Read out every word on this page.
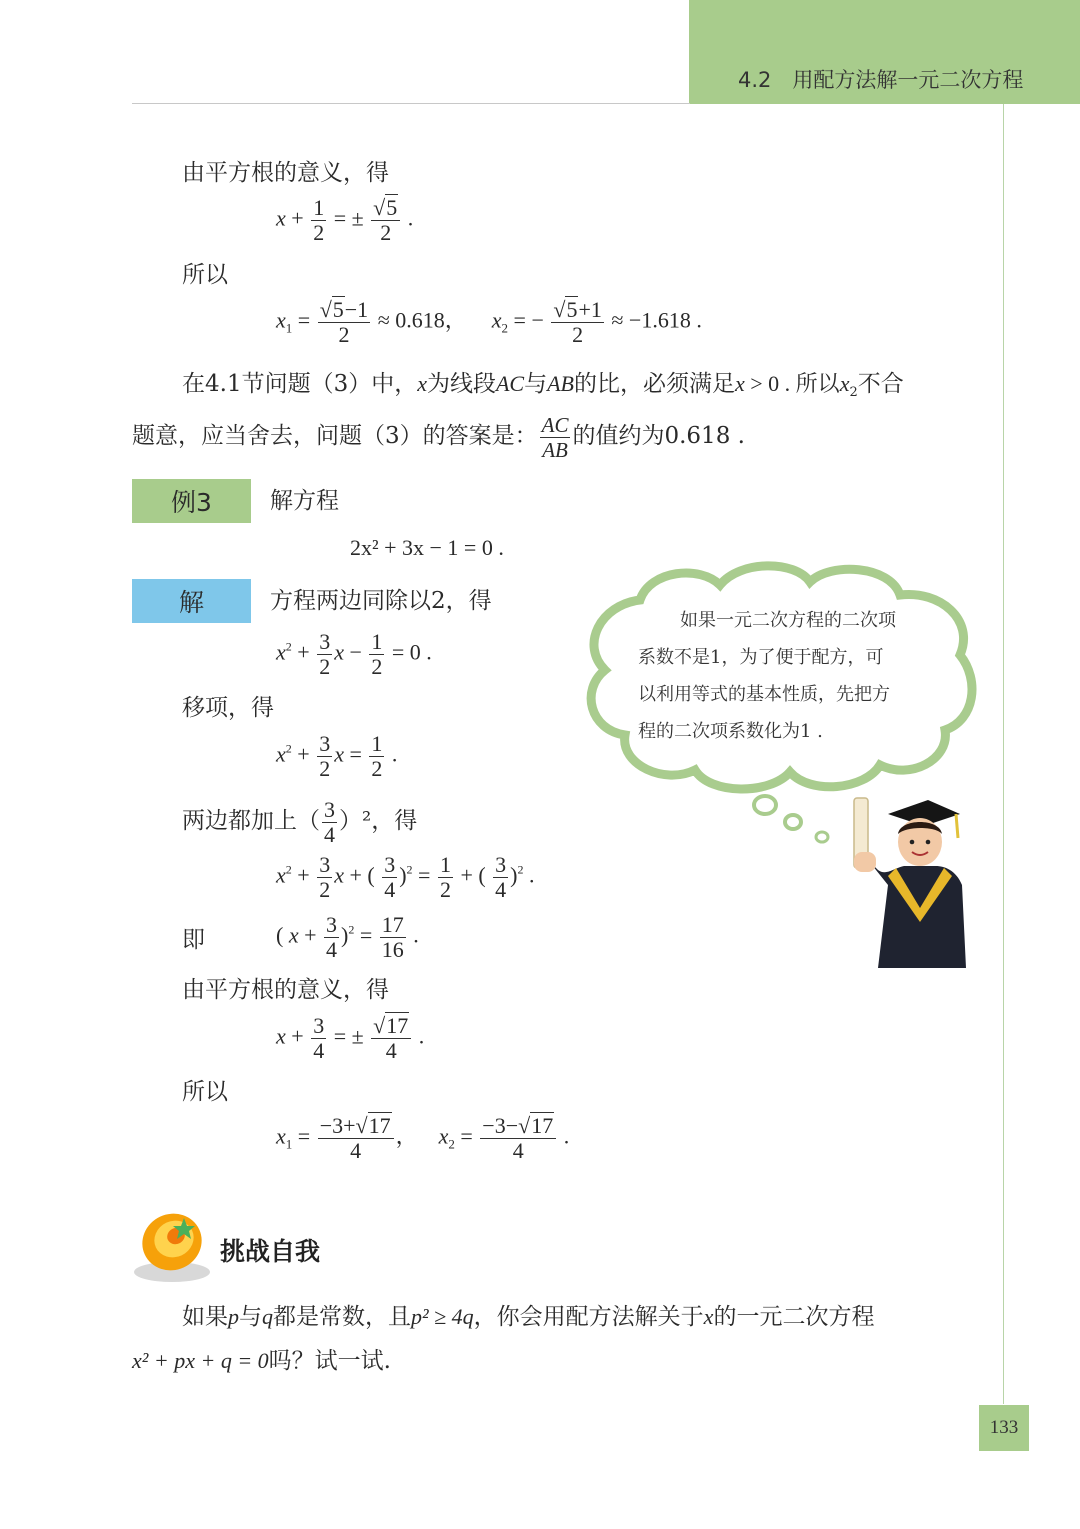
4.2　用配方法解一元二次方程
由平方根的意义，得
$x + \frac{1}{2}$ = ± $\frac{√5}{2}$ .
所以
$x_1 = \frac{√5-1}{2} \approx 0.618$， $x_2$ = − $\frac{√5+1}{2} \approx -1.618$ .
在4.1节问题（3）中，x为线段AC与AB的比，必须满足x > 0 . 所以$x_2$不合
题意，应当舍去，问题（3）的答案是： $\frac{AC}{AB}$ 的值约为0.618 .
例3	解方程
2x² + 3x − 1 = 0 .
解	方程两边同除以2，得
$x^2 + \frac{3}{2}$ $x - \frac{1}{2} = 0$ .
移项，得
$x^2 + \frac{3}{2}$ $x = \frac{1}{2}$ .
两边都加上（ $\frac{3}{4} )^2$，得
$x^2 + \frac{3}{2}$ x + ( $\frac{3}{4} )^2 = \frac{1}{2}$ + ( $\frac{3}{4} )^2$ .
即	( $x + \frac{3}{4} )^2 = \frac{17}{16}$ .
由平方根的意义，得
$x + \frac{3}{4}$ = ± $\frac{√17}{4}$ .
所以
$x_1 = \frac{-3+√17}{4}$ ，  $x_2 = \frac{-3-√17}{4}$ .
如果一元二次方程的二次项
系数不是1，为了便于配方，可
以利用等式的基本性质，先把方
程的二次项系数化为1 .
挑战自我
如果p与q都是常数，且p² ≥ 4q，你会用配方法解关于x的一元二次方程
x² + px + q = 0吗？试一试.
133
